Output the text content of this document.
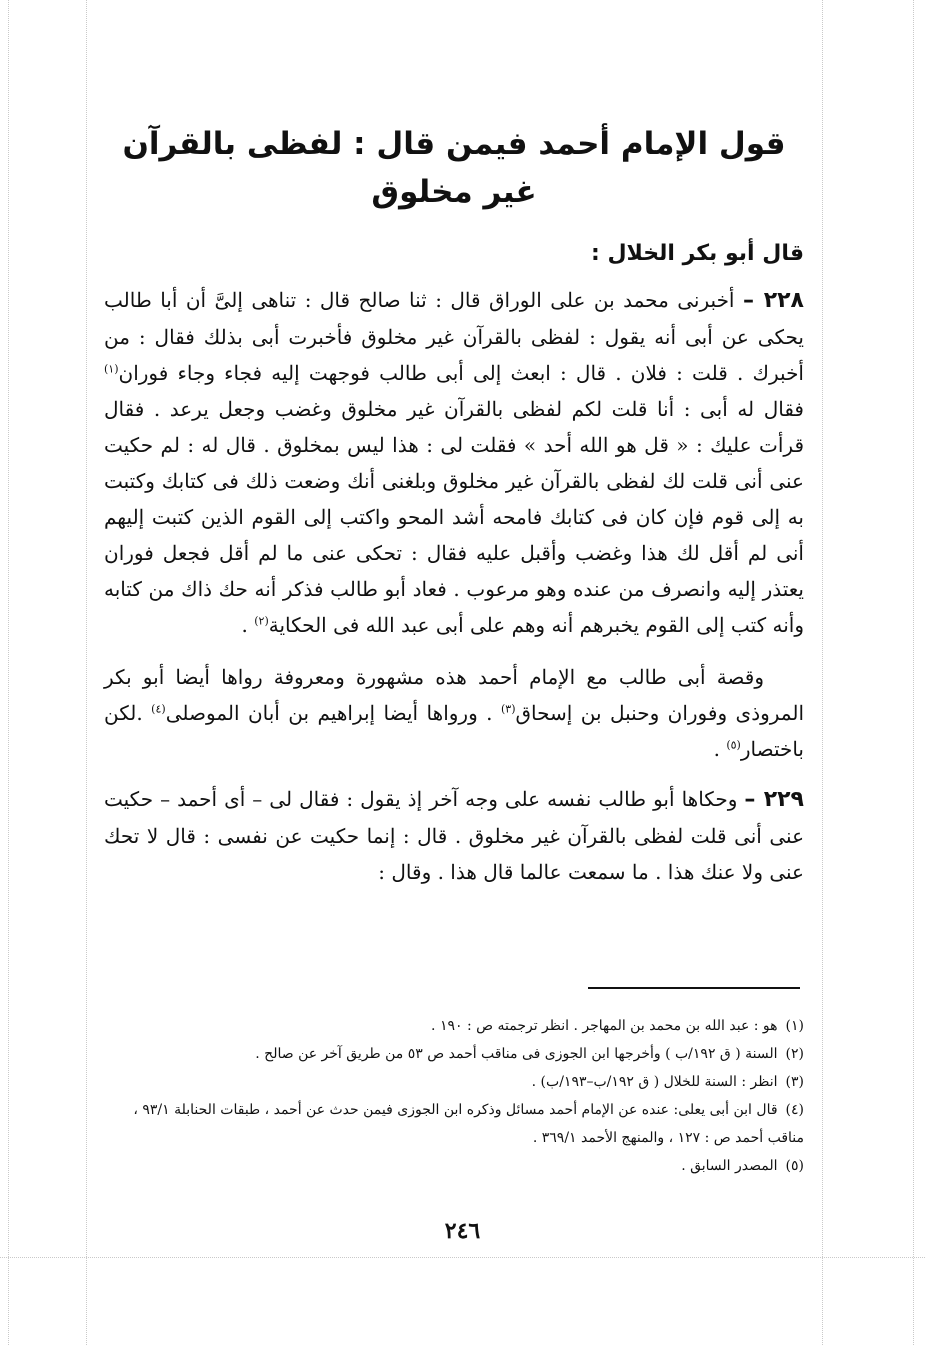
قول الإمام أحمد فيمن قال : لفظى بالقرآن غير مخلوق

قال أبو بكر الخلال :

٢٢٨ – أخبرنى محمد بن على الوراق قال : ثنا صالح قال : تناهى إلىَّ أن أبا طالب يحكى عن أبى أنه يقول : لفظى بالقرآن غير مخلوق فأخبرت أبى بذلك فقال : من أخبرك . قلت : فلان . قال : ابعث إلى أبى طالب فوجهت إليه فجاء وجاء فوران$^{(١)}$ فقال له أبى : أنا قلت لكم لفظى بالقرآن غير مخلوق وغضب وجعل يرعد . فقال قرأت عليك : « قل هو الله أحد » فقلت لى : هذا ليس بمخلوق . قال له : لم حكيت عنى أنى قلت لك لفظى بالقرآن غير مخلوق وبلغنى أنك وضعت ذلك فى كتابك وكتبت به إلى قوم فإن كان فى كتابك فامحه أشد المحو واكتب إلى القوم الذين كتبت إليهم أنى لم أقل لك هذا وغضب وأقبل عليه فقال : تحكى عنى ما لم أقل فجعل فوران يعتذر إليه وانصرف من عنده وهو مرعوب . فعاد أبو طالب فذكر أنه حك ذاك من كتابه وأنه كتب إلى القوم يخبرهم أنه وهم على أبى عبد الله فى الحكاية$^{(٢)}$ .

وقصة أبى طالب مع الإمام أحمد هذه مشهورة ومعروفة رواها أيضا أبو بكر المروذى وفوران وحنبل بن إسحاق$^{(٣)}$ . ورواها أيضا إبراهيم بن أبان الموصلى$^{(٤)}$ .لكن باختصار$^{(٥)}$ .

٢٢٩ – وحكاها أبو طالب نفسه على وجه آخر إذ يقول : فقال لى – أى أحمد – حكيت عنى أنى قلت لفظى بالقرآن غير مخلوق . قال : إنما حكيت عن نفسى : قال لا تحك عنى ولا عنك هذا . ما سمعت عالما قال هذا . وقال :

(١)هو : عبد الله بن محمد بن المهاجر . انظر ترجمته ص : ١٩٠ .

(٢)السنة ( ق ١٩٢/ب ) وأخرجها ابن الجوزى فى مناقب أحمد ص ٥٣ من طريق آخر عن صالح .

(٣)انظر : السنة للخلال ( ق ١٩٢/ب–١٩٣/ب) .

(٤)قال ابن أبى يعلى: عنده عن الإمام أحمد مسائل وذكره ابن الجوزى فيمن حدث عن أحمد ، طبقات الحنابلة ٩٣/١ ، مناقب أحمد ص : ١٢٧ ، والمنهج الأحمد ٣٦٩/١ .

(٥)المصدر السابق .

٢٤٦
